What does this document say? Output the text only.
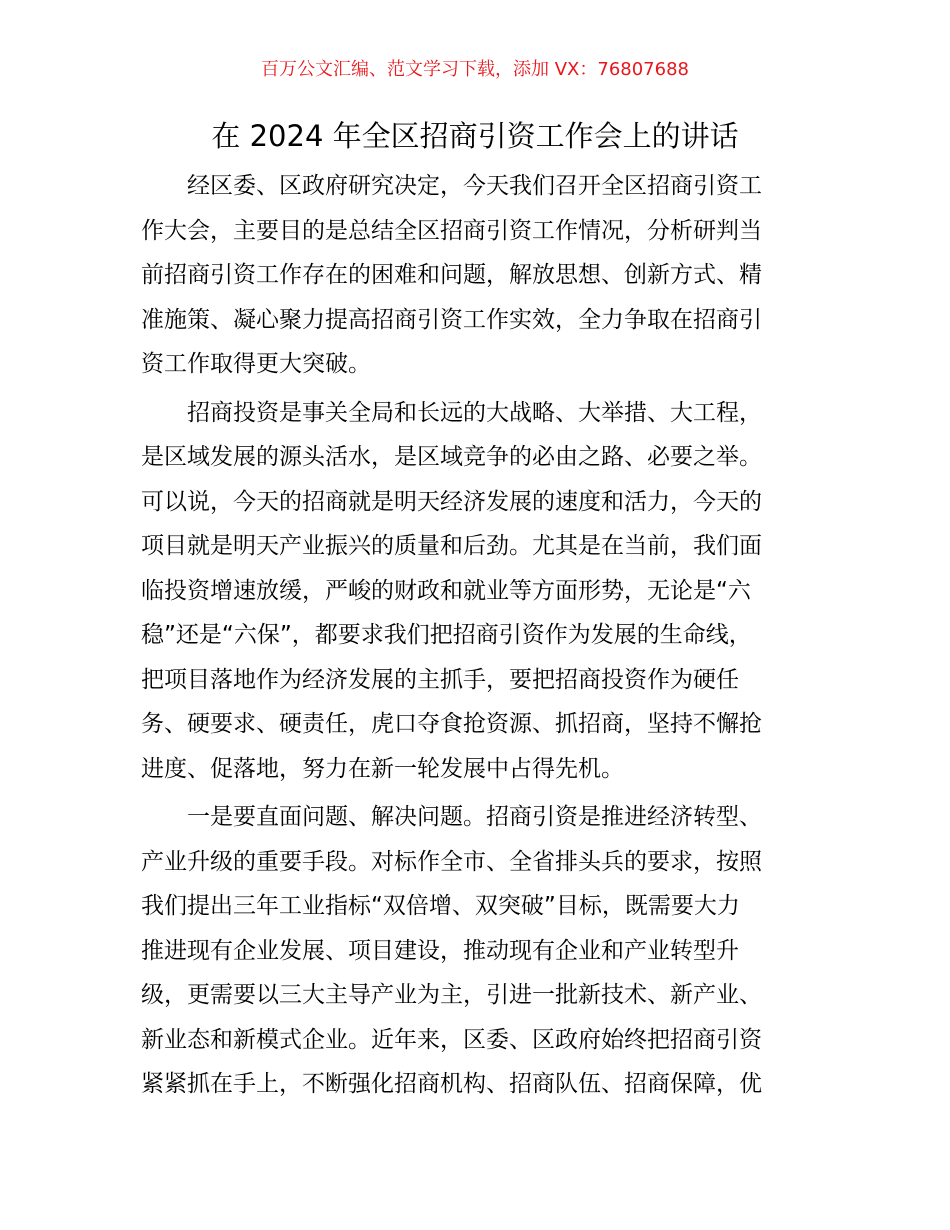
百万公文汇编、范文学习下载，添加 VX：76807688
在 2024 年全区招商引资工作会上的讲话
经区委、区政府研究决定，今天我们召开全区招商引资工
作大会，主要目的是总结全区招商引资工作情况，分析研判当
前招商引资工作存在的困难和问题，解放思想、创新方式、精
准施策、凝心聚力提高招商引资工作实效，全力争取在招商引
资工作取得更大突破。
招商投资是事关全局和长远的大战略、大举措、大工程，
是区域发展的源头活水，是区域竞争的必由之路、必要之举。
可以说，今天的招商就是明天经济发展的速度和活力，今天的
项目就是明天产业振兴的质量和后劲。尤其是在当前，我们面
临投资增速放缓，严峻的财政和就业等方面形势，无论是“六
稳”还是“六保”，都要求我们把招商引资作为发展的生命线，
把项目落地作为经济发展的主抓手，要把招商投资作为硬任
务、硬要求、硬责任，虎口夺食抢资源、抓招商，坚持不懈抢
进度、促落地，努力在新一轮发展中占得先机。
一是要直面问题、解决问题。招商引资是推进经济转型、
产业升级的重要手段。对标作全市、全省排头兵的要求，按照
我们提出三年工业指标“双倍增、双突破”目标，既需要大力
推进现有企业发展、项目建设，推动现有企业和产业转型升
级，更需要以三大主导产业为主，引进一批新技术、新产业、
新业态和新模式企业。近年来，区委、区政府始终把招商引资
紧紧抓在手上，不断强化招商机构、招商队伍、招商保障，优
